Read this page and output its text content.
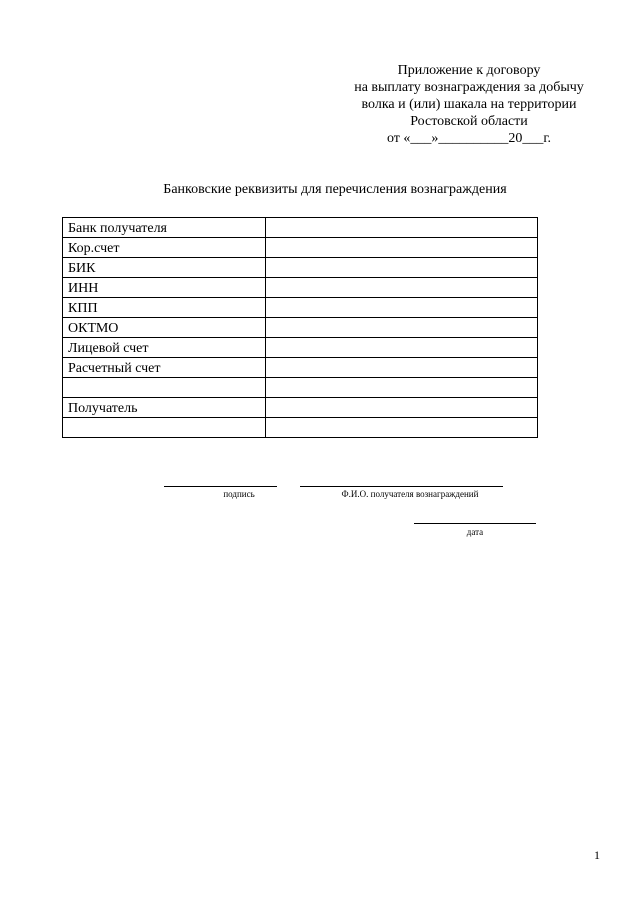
Приложение к договору
на выплату вознаграждения за добычу
волка и (или) шакала на территории
Ростовской области
от «___»__________20___г.
Банковские реквизиты для перечисления вознаграждения
Банк получателя	
Кор.счет	
БИК	
ИНН	
КПП	
ОКТМО	
Лицевой счет	
Расчетный счет	

Получатель	

подпись	Ф.И.О. получателя вознаграждений
дата
1
